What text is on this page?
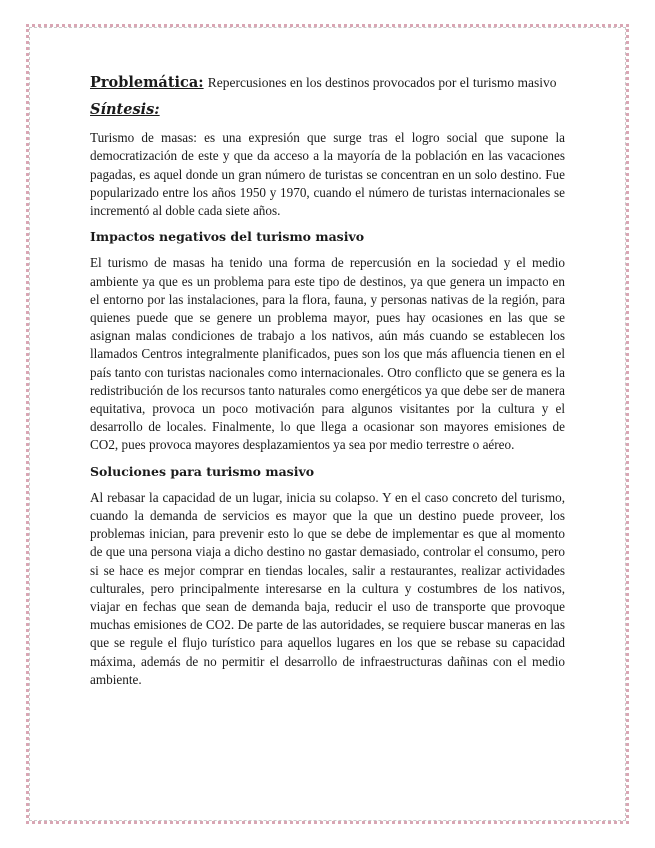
Problemática: Repercusiones en los destinos provocados por el turismo masivo

Síntesis:

Turismo de masas: es una expresión que surge tras el logro social que supone la democratización de este y que da acceso a la mayoría de la población en las vacaciones pagadas, es aquel donde un gran número de turistas se concentran en un solo destino. Fue popularizado entre los años 1950 y 1970, cuando el número de turistas internacionales se incrementó al doble cada siete años.

Impactos negativos del turismo masivo

El turismo de masas ha tenido una forma de repercusión en la sociedad y el medio ambiente ya que es un problema para este tipo de destinos, ya que genera un impacto en el entorno por las instalaciones, para la flora, fauna, y personas nativas de la región, para quienes puede que se genere un problema mayor, pues hay ocasiones en las que se asignan malas condiciones de trabajo a los nativos, aún más cuando se establecen los llamados Centros integralmente planificados, pues son los que más afluencia tienen en el país tanto con turistas nacionales como internacionales. Otro conflicto que se genera es la redistribución de los recursos tanto naturales como energéticos ya que debe ser de manera equitativa, provoca un poco motivación para algunos visitantes por la cultura y el desarrollo de locales. Finalmente, lo que llega a ocasionar son mayores emisiones de CO2, pues provoca mayores desplazamientos ya sea por medio terrestre o aéreo.

Soluciones para turismo masivo

Al rebasar la capacidad de un lugar, inicia su colapso. Y en el caso concreto del turismo, cuando la demanda de servicios es mayor que la que un destino puede proveer, los problemas inician, para prevenir esto lo que se debe de implementar es que al momento de que una persona viaja a dicho destino no gastar demasiado, controlar el consumo, pero si se hace es mejor comprar en tiendas locales, salir a restaurantes, realizar actividades culturales, pero principalmente interesarse en la cultura y costumbres de los nativos, viajar en fechas que sean de demanda baja, reducir el uso de transporte que provoque muchas emisiones de CO2. De parte de las autoridades, se requiere buscar maneras en las que se regule el flujo turístico para aquellos lugares en los que se rebase su capacidad máxima, además de no permitir el desarrollo de infraestructuras dañinas con el medio ambiente.
